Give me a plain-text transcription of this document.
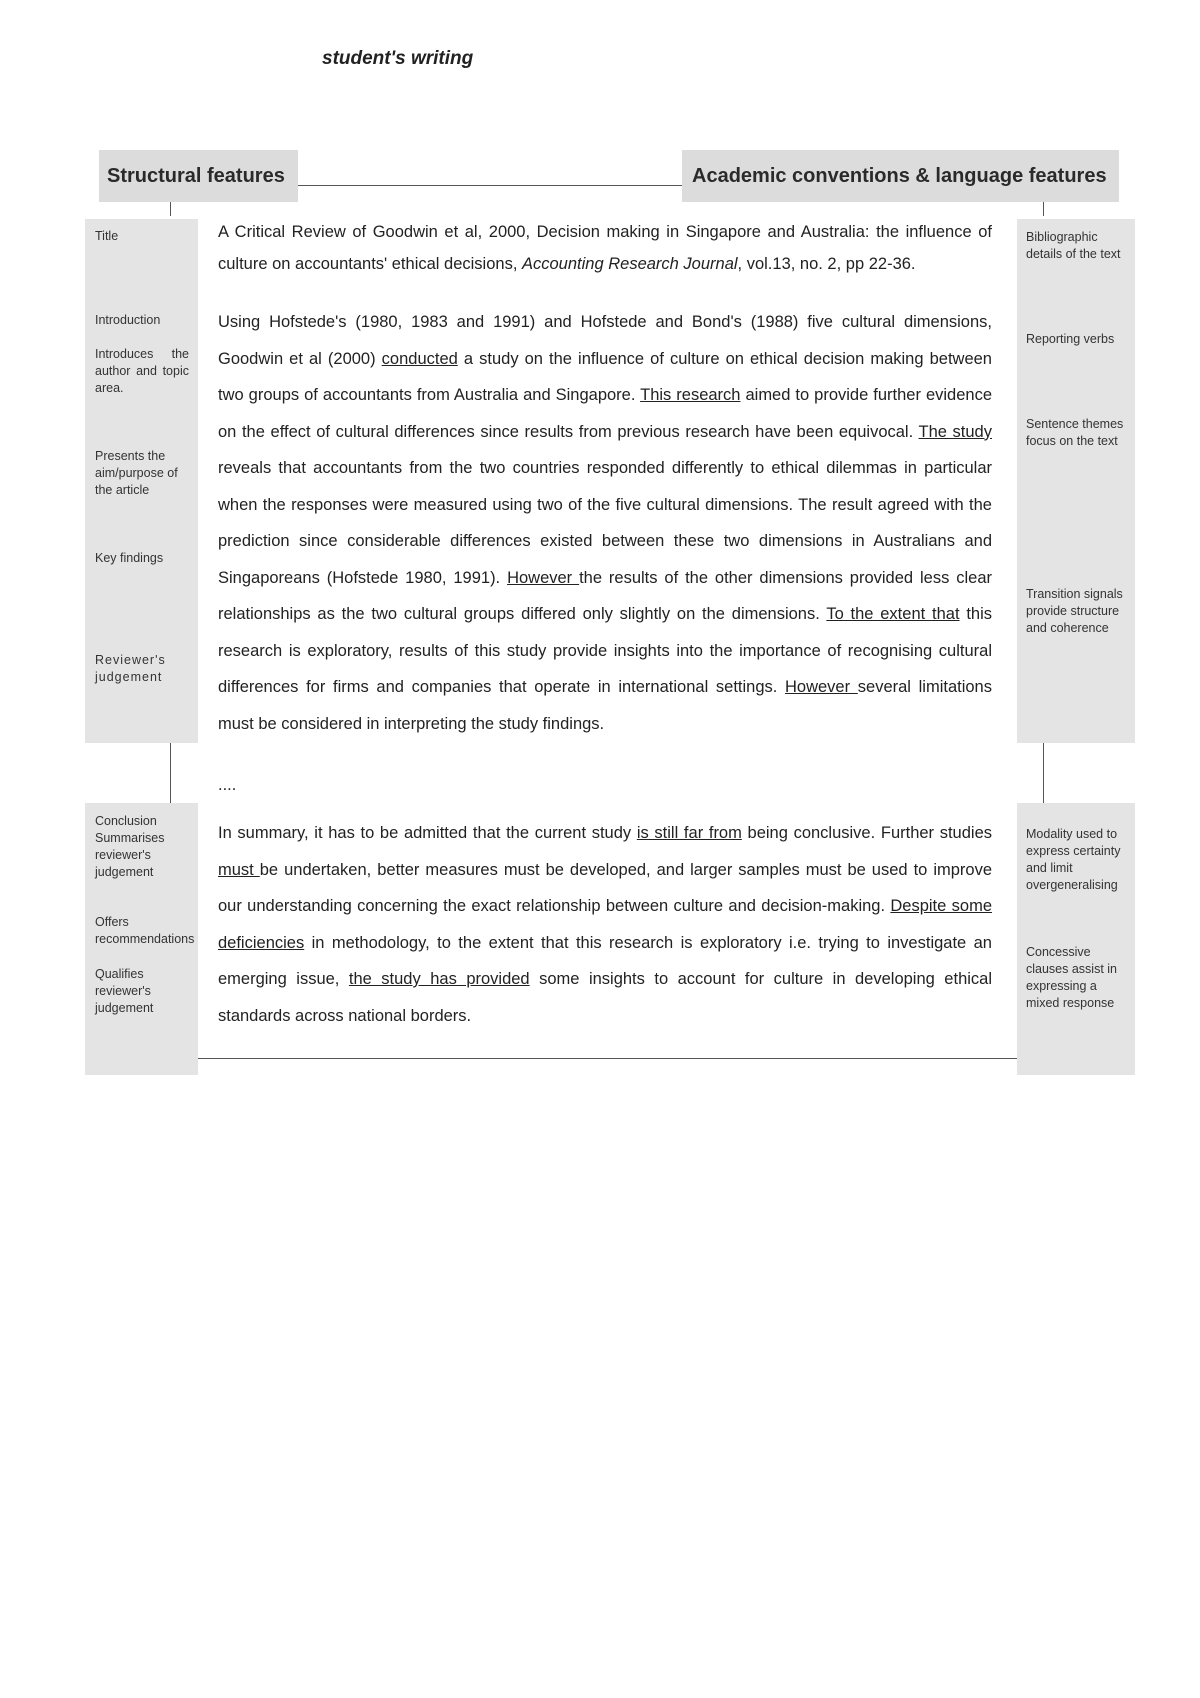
student's writing
Structural features	Academic conventions & language features
Title
Introduction
Introduces the author and topic area.
Presents the aim/purpose of the article
Key findings
Reviewer's judgement
Conclusion
Summarises reviewer's judgement
Offers recommendations
Qualifies reviewer's judgement
Bibliographic details of the text
Reporting verbs
Sentence themes focus on the text
Transition signals provide structure and coherence
Modality used to express certainty and limit overgeneralising
Concessive clauses assist in expressing a mixed response
A Critical Review of Goodwin et al, 2000, Decision making in Singapore and Australia: the influence of culture on accountants' ethical decisions, Accounting Research Journal, vol.13, no. 2, pp 22-36.
Using Hofstede's (1980, 1983 and 1991) and Hofstede and Bond's (1988) five cultural dimensions, Goodwin et al (2000) conducted a study on the influence of culture on ethical decision making between two groups of accountants from Australia and Singapore. This research aimed to provide further evidence on the effect of cultural differences since results from previous research have been equivocal. The study reveals that accountants from the two countries responded differently to ethical dilemmas in particular when the responses were measured using two of the five cultural dimensions. The result agreed with the prediction since considerable differences existed between these two dimensions in Australians and Singaporeans (Hofstede 1980, 1991). However the results of the other dimensions provided less clear relationships as the two cultural groups differed only slightly on the dimensions. To the extent that this research is exploratory, results of this study provide insights into the importance of recognising cultural differences for firms and companies that operate in international settings. However several limitations must be considered in interpreting the study findings.
....
In summary, it has to be admitted that the current study is still far from being conclusive. Further studies must be undertaken, better measures must be developed, and larger samples must be used to improve our understanding concerning the exact relationship between culture and decision-making. Despite some deficiencies in methodology, to the extent that this research is exploratory i.e. trying to investigate an emerging issue, the study has provided some insights to account for culture in developing ethical standards across national borders.
